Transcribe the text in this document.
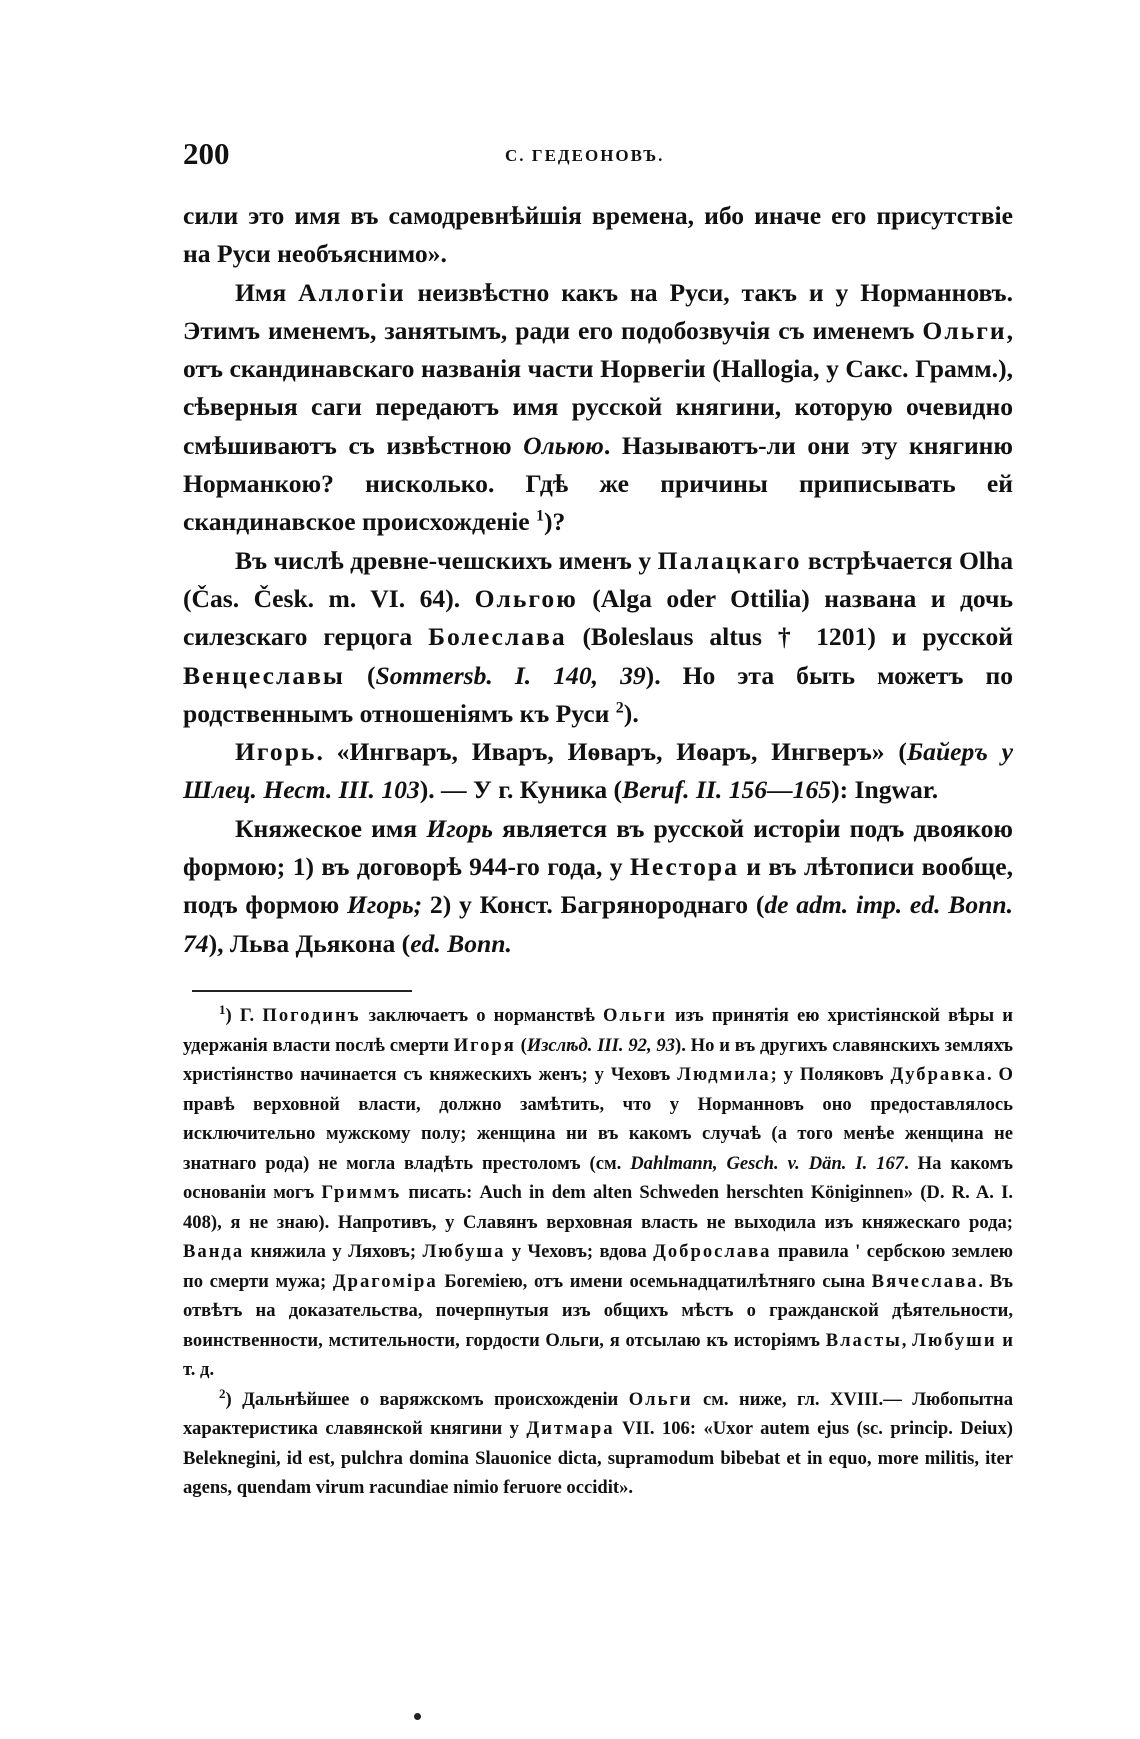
200	С. ГЕДЕОНОВЪ.

сили это имя въ самодревнѣйшія времена, ибо иначе его присутствіе на Руси необъяснимо».

Имя Аллогіи неизвѣстно какъ на Руси, такъ и у Норманновъ. Этимъ именемъ, занятымъ, ради его подобозвучія съ именемъ Ольги, отъ скандинавскаго названія части Норвегіи (Hallogia, у Сакс. Грамм.), сѣверныя саги передаютъ имя русской княгини, которую очевидно смѣшиваютъ съ извѣстною Ольюю. Называютъ-ли они эту княгиню Норманкою? нисколько. Гдѣ же причины приписывать ей скандинавское происхожденіе $^1$)?

Въ числѣ древне-чешскихъ именъ у Палацкаго встрѣчается Olha (Čas. Česk. m. VI. 64). Ольгою (Alga oder Ottilia) названа и дочь силезскаго герцога Болеслава (Boleslaus altus † 1201) и русской Венцеславы (Sommersb. I. 140, 39). Но эта быть можетъ по родственнымъ отношеніямъ къ Руси $^2$).

Игорь. «Ингваръ, Иваръ, Иѳваръ, Иѳаръ, Ингверъ» (Байеръ у Шлец. Нест. III. 103). — У г. Куника (Beruf. II. 156—165): Ingwar.

Княжеское имя Игорь является въ русской исторіи подъ двоякою формою; 1) въ договорѣ 944-го года, у Нестора и въ лѣтописи вообще, подъ формою Игорь; 2) у Конст. Багрянороднаго (de adm. imp. ed. Bonn. 74), Льва Дьякона (ed. Bonn.

$^1$) Г. Погодинъ заключаетъ о норманствѣ Ольги изъ принятія ею христіянской вѣры и удержанія власти послѣ смерти Игоря (Изслѣд. III. 92, 93). Но и въ другихъ славянскихъ земляхъ христіянство начинается съ княжескихъ женъ; у Чеховъ Людмила; у Поляковъ Дубравка. О правѣ верховной власти, должно замѣтить, что у Норманновъ оно предоставлялось исключительно мужскому полу; женщина ни въ какомъ случаѣ (а того менѣе женщина не знатнаго рода) не могла владѣть престоломъ (см. Dahlmann, Gesch. v. Dän. I. 167. На какомъ основаніи могъ Гриммъ писать: Auch in dem alten Schweden herschten Königinnen» (D. R. A. I. 408), я не знаю). Напротивъ, у Славянъ верховная власть не выходила изъ княжескаго рода; Ванда княжила у Ляховъ; Любуша у Чеховъ; вдова Доброслава правила ' сербскою землею по смерти мужа; Драгоміра Богеміею, отъ имени осемьнадцатилѣтняго сына Вячеслава. Въ отвѣтъ на доказательства, почерпнутыя изъ общихъ мѣстъ о гражданской дѣятельности, воинственности, мстительности, гордости Ольги, я отсылаю къ исторіямъ Власты, Любуши и т. д.

$^2$) Дальнѣйшее о варяжскомъ происхожденіи Ольги см. ниже, гл. XVIII.— Любопытна характеристика славянской княгини у Дитмара VII. 106: «Uxor autem ejus (sc. princip. Deiux) Beleknegini, id est, pulchra domina Slauonice dicta, supramodum bibebat et in equo, more militis, iter agens, quendam virum racundiae nimio feruore occidit».
